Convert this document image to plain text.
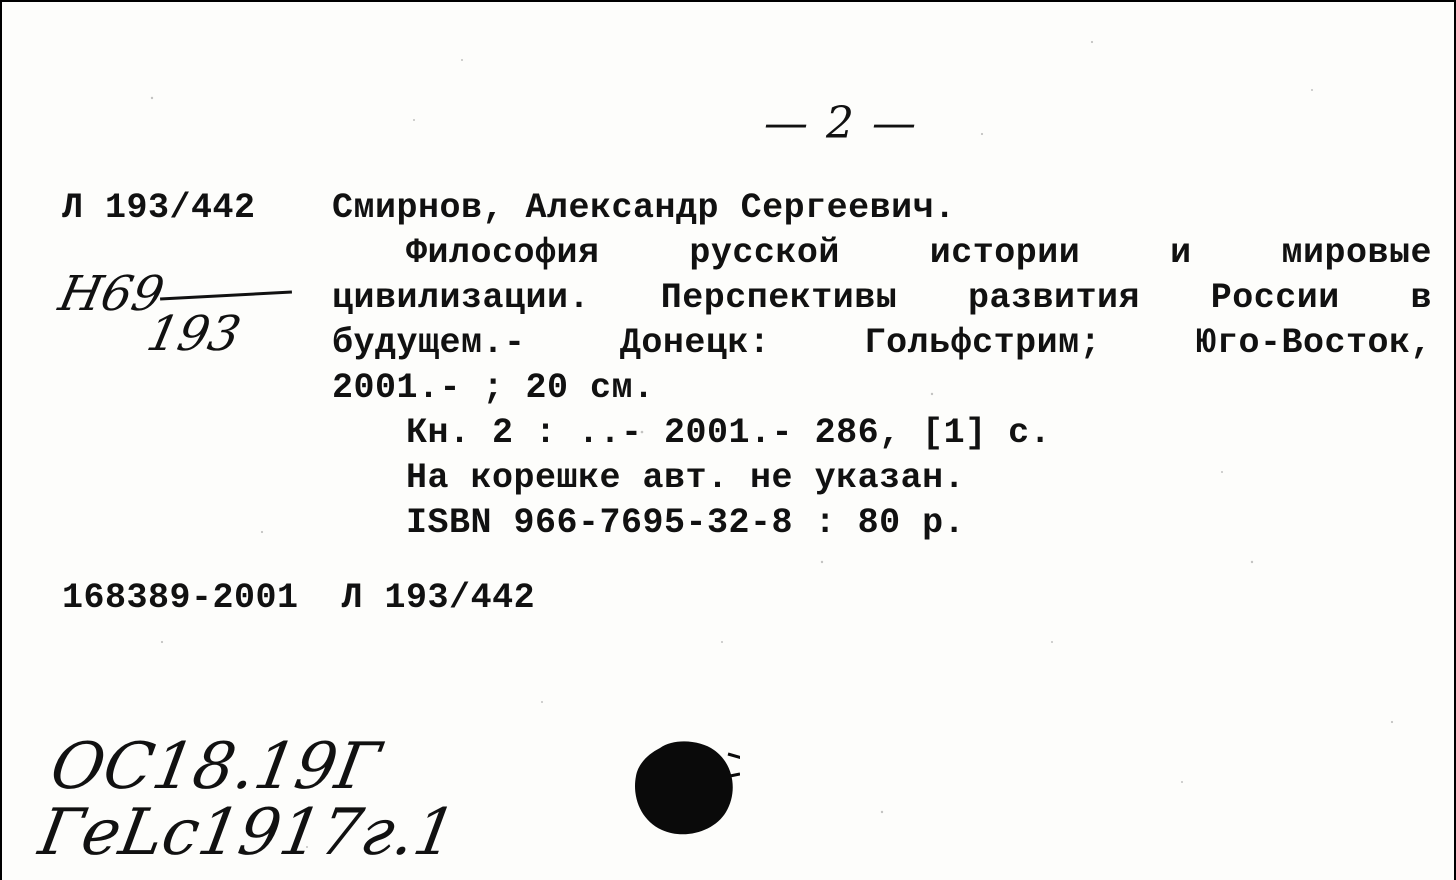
— 2 —
Л 193/442
Н69
193
Смирнов, Александр Сергеевич.
Философия русской истории и мировые
цивилизации. Перспективы развития России в
будущем.- Донецк: Гольфстрим; Юго-Восток,
2001.- ; 20 см.
Кн. 2 : ..- 2001.- 286, [1] с.
На корешке авт. не указан.
ISBN 966-7695-32-8 : 80 р.
168389-2001  Л 193/442
ОС18.19Г
ГеLc1917г.1
